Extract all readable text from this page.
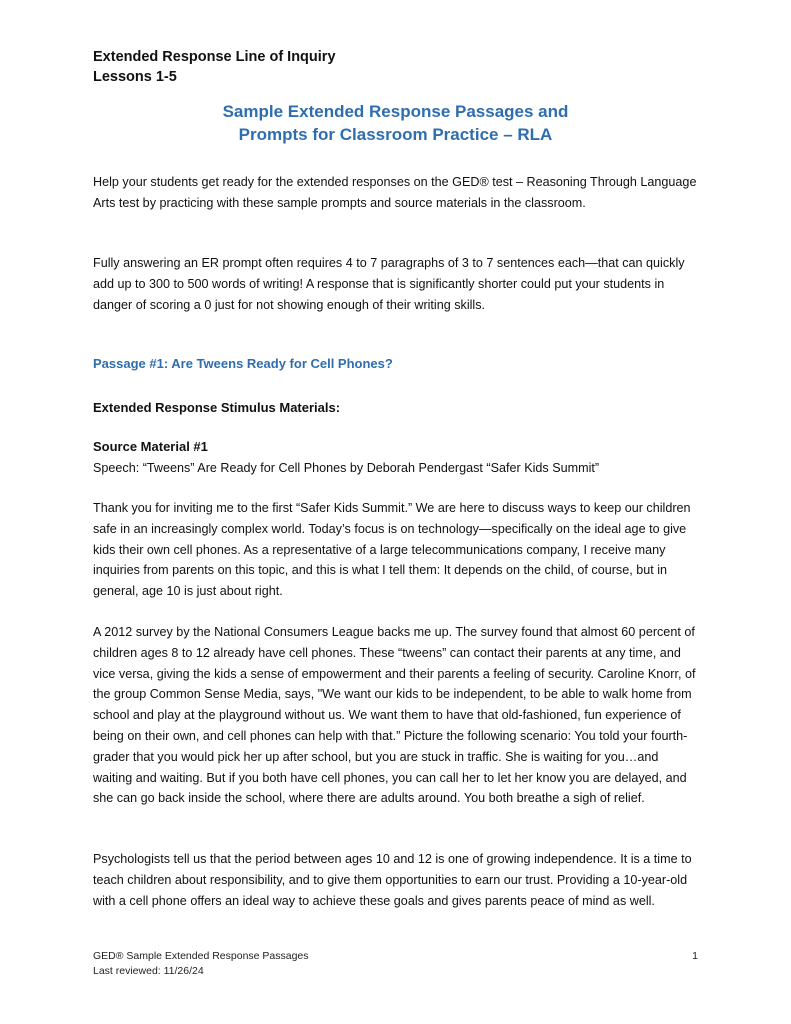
Extended Response Line of Inquiry

Lessons 1-5

Sample Extended Response Passages and

Prompts for Classroom Practice – RLA

Help your students get ready for the extended responses on the GED® test – Reasoning Through Language Arts test by practicing with these sample prompts and source materials in the classroom.

Fully answering an ER prompt often requires 4 to 7 paragraphs of 3 to 7 sentences each—that can quickly add up to 300 to 500 words of writing! A response that is significantly shorter could put your students in danger of scoring a 0 just for not showing enough of their writing skills.

Passage #1: Are Tweens Ready for Cell Phones?

Extended Response Stimulus Materials:

Source Material #1

Speech: “Tweens” Are Ready for Cell Phones by Deborah Pendergast “Safer Kids Summit”

Thank you for inviting me to the first “Safer Kids Summit.” We are here to discuss ways to keep our children safe in an increasingly complex world. Today’s focus is on technology—specifically on the ideal age to give kids their own cell phones. As a representative of a large telecommunications company, I receive many inquiries from parents on this topic, and this is what I tell them: It depends on the child, of course, but in general, age 10 is just about right.

A 2012 survey by the National Consumers League backs me up. The survey found that almost 60 percent of children ages 8 to 12 already have cell phones. These “tweens” can contact their parents at any time, and vice versa, giving the kids a sense of empowerment and their parents a feeling of security. Caroline Knorr, of the group Common Sense Media, says, "We want our kids to be independent, to be able to walk home from school and play at the playground without us. We want them to have that old-fashioned, fun experience of being on their own, and cell phones can help with that.” Picture the following scenario: You told your fourth-grader that you would pick her up after school, but you are stuck in traffic. She is waiting for you…and waiting and waiting. But if you both have cell phones, you can call her to let her know you are delayed, and she can go back inside the school, where there are adults around. You both breathe a sigh of relief.

Psychologists tell us that the period between ages 10 and 12 is one of growing independence. It is a time to teach children about responsibility, and to give them opportunities to earn our trust. Providing a 10-year-old with a cell phone offers an ideal way to achieve these goals and gives parents peace of mind as well.

GED® Sample Extended Response Passages
Last reviewed: 11/26/24
1
